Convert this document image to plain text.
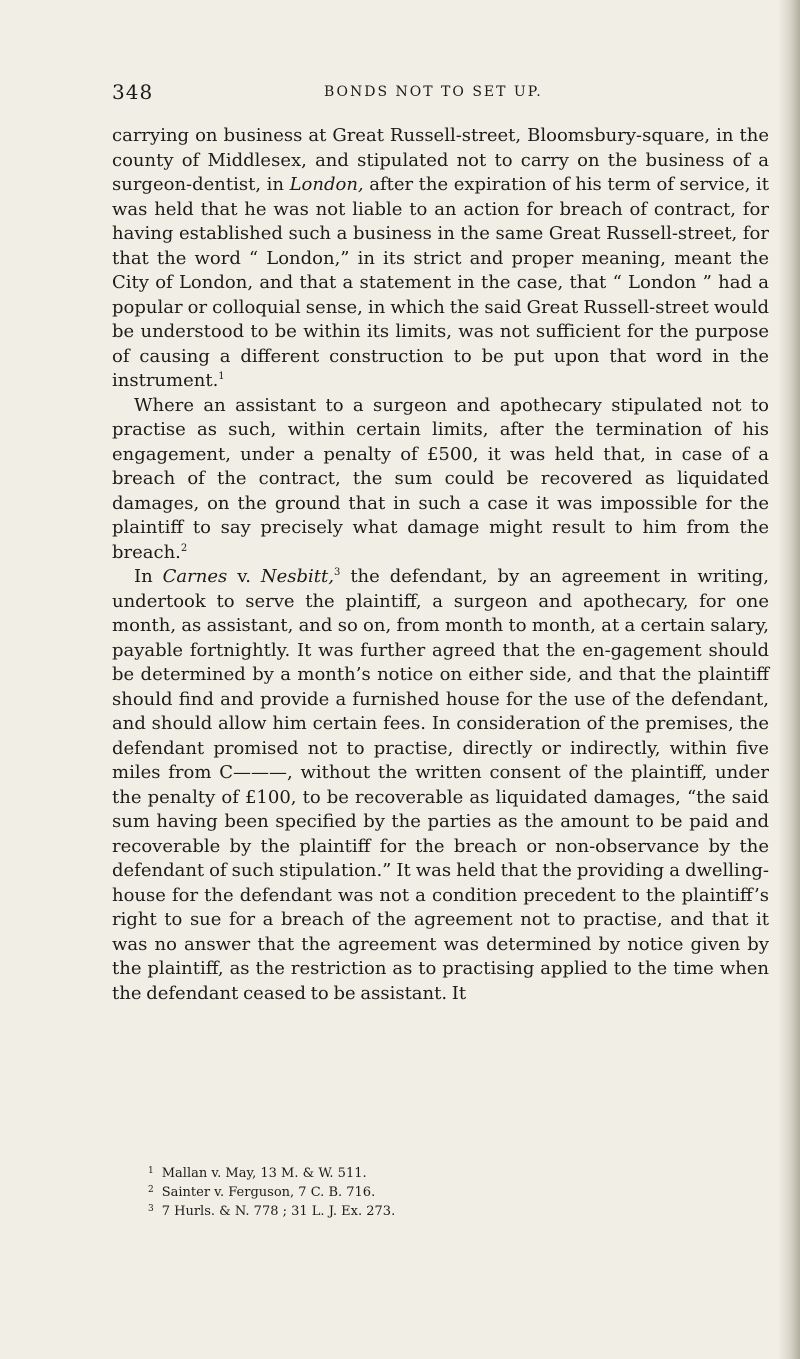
348	BONDS NOT TO SET UP.

carrying on business at Great Russell-street, Bloomsbury-square, in the county of Middlesex, and stipulated not to carry on the business of a surgeon-dentist, in London, after the expiration of his term of service, it was held that he was not liable to an action for breach of contract, for having established such a business in the same Great Russell-street, for that the word “ London,” in its strict and proper meaning, meant the City of London, and that a statement in the case, that “ London ” had a popular or colloquial sense, in which the said Great Russell-street would be understood to be within its limits, was not sufficient for the purpose of causing a different construction to be put upon that word in the instrument.$^1$

Where an assistant to a surgeon and apothecary stipulated not to practise as such, within certain limits, after the termination of his engagement, under a penalty of £500, it was held that, in case of a breach of the contract, the sum could be recovered as liquidated damages, on the ground that in such a case it was impossible for the plaintiff to say precisely what damage might result to him from the breach.$^2$

In Carnes v. Nesbitt,$^3$ the defendant, by an agreement in writing, undertook to serve the plaintiff, a surgeon and apothecary, for one month, as assistant, and so on, from month to month, at a certain salary, payable fortnightly. It was further agreed that the en-gagement should be determined by a month’s notice on either side, and that the plaintiff should find and provide a furnished house for the use of the defendant, and should allow him certain fees. In consideration of the premises, the defendant promised not to practise, directly or indirectly, within five miles from C———, without the written consent of the plaintiff, under the penalty of £100, to be recoverable as liquidated damages, “the said sum having been specified by the parties as the amount to be paid and recoverable by the plaintiff for the breach or non-observance by the defendant of such stipulation.” It was held that the providing a dwelling-house for the defendant was not a condition precedent to the plaintiff’s right to sue for a breach of the agreement not to practise, and that it was no answer that the agreement was determined by notice given by the plaintiff, as the restriction as to practising applied to the time when the defendant ceased to be assistant. It

$^1$ Mallan v. May, 13 M. & W. 511.
$^2$ Sainter v. Ferguson, 7 C. B. 716.
$^3$ 7 Hurls. & N. 778 ; 31 L. J. Ex. 273.
